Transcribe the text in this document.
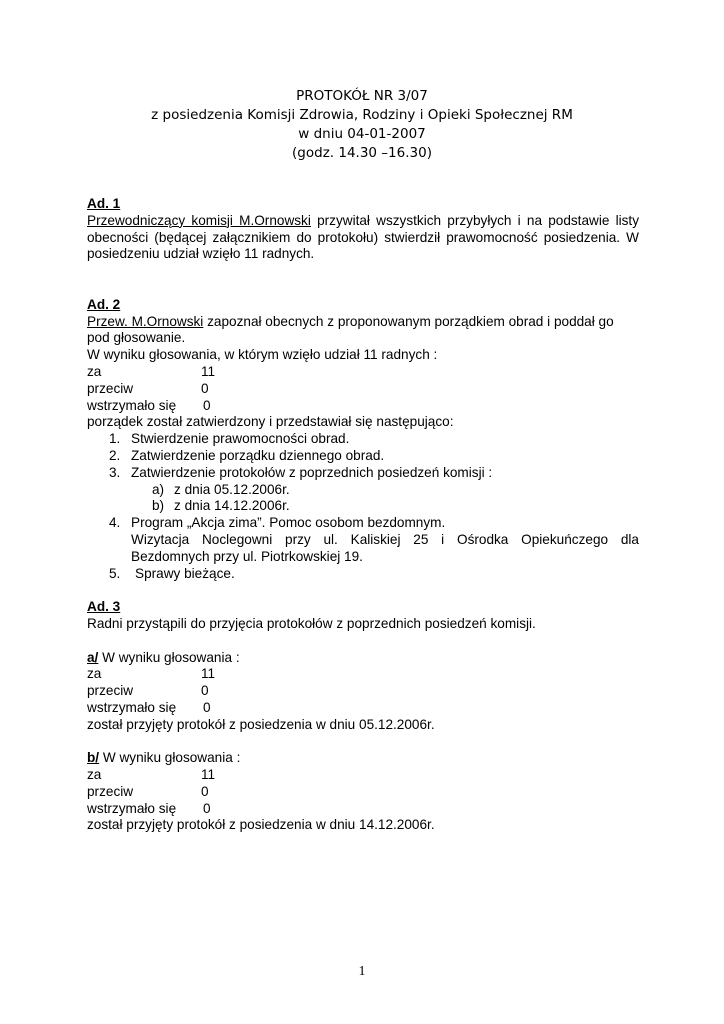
PROTOKÓŁ NR 3/07
z posiedzenia Komisji Zdrowia, Rodziny i Opieki Społecznej RM
w dniu 04-01-2007
(godz. 14.30 –16.30)
Ad. 1
Przewodniczący komisji M.Ornowski przywitał wszystkich przybyłych i na podstawie listy obecności (będącej załącznikiem do protokołu) stwierdził prawomocność posiedzenia. W posiedzeniu udział wzięło 11 radnych.
Ad. 2
Przew. M.Ornowski zapoznał obecnych z proponowanym porządkiem obrad i poddał go pod głosowanie.
W wyniku głosowania, w którym wzięło udział 11 radnych :
za	11
przeciw	0
wstrzymało się	0
porządek został zatwierdzony i przedstawiał się następująco:
1. Stwierdzenie prawomocności obrad.
2. Zatwierdzenie porządku dziennego obrad.
3. Zatwierdzenie protokołów z poprzednich posiedzeń komisji :
a) z dnia 05.12.2006r.
b) z dnia 14.12.2006r.
4. Program „Akcja zima”. Pomoc osobom bezdomnym.
Wizytacja Noclegowni przy ul. Kaliskiej 25 i Ośrodka Opiekuńczego dla Bezdomnych przy ul. Piotrkowskiej 19.
5.	Sprawy bieżące.
Ad. 3
Radni przystąpili do przyjęcia protokołów z poprzednich posiedzeń komisji.
a/ W wyniku głosowania :
za	11
przeciw	0
wstrzymało się	0
został przyjęty protokół z posiedzenia w dniu 05.12.2006r.
b/ W wyniku głosowania :
za	11
przeciw	0
wstrzymało się	0
został przyjęty protokół z posiedzenia w dniu 14.12.2006r.
1
